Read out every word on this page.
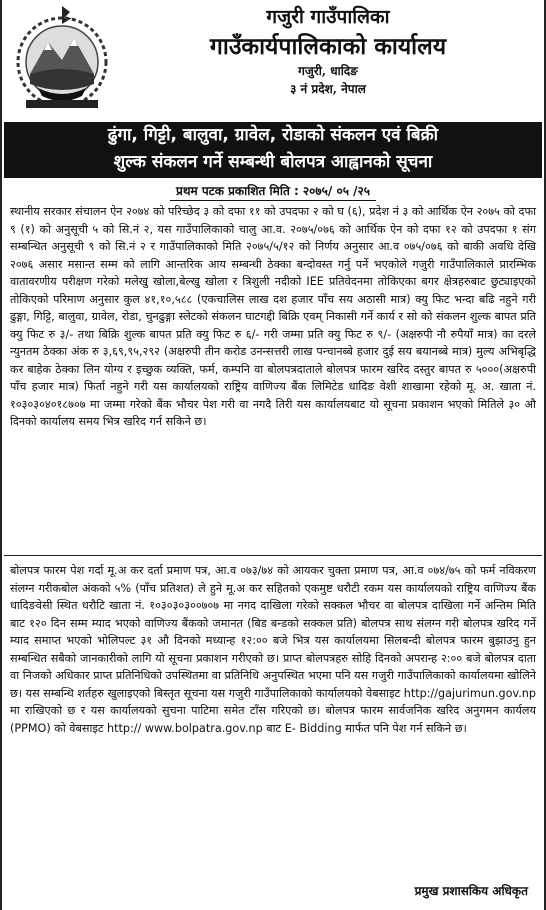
गजुरी गाउँपालिका
गाउँकार्यपालिकाको कार्यालय
गजुरी, धादिङ
३ नं प्रदेश, नेपाल
ढुंगा, गिट्टी, बालुवा, ग्रावेल, रोडाको संकलन एवं बिक्री
शुल्क संकलन गर्ने सम्बन्धी बोलपत्र आह्वानको सूचना
प्रथम पटक प्रकाशित मिति : २०७५/ ०५ /२५
स्थानीय सरकार संचालन ऐन २०७४ को परिच्छेद ३ को दफा ११ को उपदफा २ को घ (६), प्रदेश नं ३ को आर्थिक ऐन २०७५ को दफा ९ (१) को अनुसूची ५ को सि.नं २, यस गाउँपालिकाको चालु आ.व. २०७५/०७६ को आर्थिक ऐन को दफा १२ को उपदफा १ संग सम्बन्धित अनुसूची ९ को सि.नं २ र गाउँपालिकाको मिति २०७५/५/१२ को निर्णय अनुसार आ.व ०७५/०७६ को बाकी अवधि देखि २०७६ असार मसान्त सम्म को लागि आन्तरिक आय सम्बन्धी ठेक्का बन्दोवस्त गर्नु पर्ने भएकोले गजुरी गाउँपालिकाले प्रारम्भिक वातावरणीय परीक्षण गरेको मलेखु खोला,बेल्खु खोला र त्रिशुली नदीको IEE प्रतिवेदनमा तोकिएका बगर क्षेत्रहरुबाट छुट्याइएको तोकिएको परिमाण अनुसार कुल ४१,१०,५८८ (एकचालिस लाख दश हजार पाँच सय अठासी मात्र) क्यु फिट भन्दा बढि नहुने गरी ढुङ्गा, गिट्टि, बालुवा, ग्रावेल, रोडा, चुनढुङ्गा स्लेटको संकलन घाटगद्दी बिक्रि एवम् निकासी गर्ने कार्य र सो को संकलन शुल्क बापत प्रति क्यु फिट रु ३/- तथा बिक्रि शुल्क बापत प्रति क्यु फिट रु ६/- गरी जम्मा प्रति क्यु फिट रु ९/- (अक्षरुपी नौ रुपैयाँ मात्र) का दरले न्युनतम ठेक्का अंक रु ३,६९,९५,२९२ (अक्षरुपी तीन करोड उनन्सत्तरी लाख पन्चानब्बे हजार दुई सय बयानब्बे मात्र) मुल्य अभिबृद्धि कर बाहेक ठेक्का लिन योग्य र इच्छुक व्यक्ति, फर्म, कम्पनि वा बोलपत्रदाताले बोलपत्र फारम खरिद दस्तुर बापत रु ५०००(अक्षरुपी पाँच हजार मात्र) फिर्ता नहुने गरी यस कार्यालयको राष्ट्रिय वाणिज्य बैंक लिमिटेड धादिङ वेशी शाखामा रहेको मू. अ. खाता नं. १०३०३०४०१८७०७ मा जम्मा गरेको बैंक भौचर पेश गरी वा नगदै तिरी यस कार्यालयबाट यो सूचना प्रकाशन भएको मितिले ३० औ दिनको कार्यालय समय भित्र खरिद गर्न सकिने छ।
बोलपत्र फारम पेश गर्दा मू.अ कर दर्ता प्रमाण पत्र, आ.व ०७३/७४ को आयकर चुक्ता प्रमाण पत्र, आ.व ०७४/७५ को फर्म नविकरण संलग्न गरीकबोल अंकको ५% (पाँच प्रतिशत) ले हुने मू.अ कर सहितको एकमुष्ट धरौटी रकम यस कार्यालयको राष्ट्रिय वाणिज्य बैंक धादिङवेसी स्थित धरौटि खाता नं. १०३०३०३००७०७ मा नगद दाखिला गरेको सक्कल भौचर वा बोलपत्र दाखिला गर्ने अन्तिम मिति बाट १२० दिन सम्म म्याद भएको वाणिज्य बैंकको जमानत (बिड बन्डको सक्कल प्रति) बोलपत्र साथ संलग्न गरी बोलपत्र खरिद गर्ने म्याद समाप्त भएको भोलिपल्ट ३१ औ दिनको मध्यान्ह १२:०० बजे भित्र यस कार्यालयमा सिलबन्दी बोलपत्र फारम बुझाउनु हुन सम्बन्धित सबैको जानकारीको लागि यो सूचना प्रकाशन गरीएको छ। प्राप्त बोलपत्रहरु सोहि दिनको अपरान्ह २:०० बजे बोलपत्र दाता वा निजको अधिकार प्राप्त प्रतिनिधिको उपस्थितमा वा प्रतिनिधि अनुपस्थित भएमा पनि यस गजुरी गाउँपालिकाको कार्यालयमा खोलिने छ। यस सम्बन्धि शर्तहरु खुलाइएको बिस्तृत सूचना यस गजुरी गाउँपालिकाको कार्यालयको वेबसाइट http://gajurimun.gov.np मा राखिएको छ र यस कार्यालयको सुचना पाटिमा समेत टाँस गरिएको छ। बोलपत्र फारम सार्वजनिक खरिद अनुगमन कार्यलय (PPMO) को वेबसाइट http:// www.bolpatra.gov.np बाट E- Bidding मार्फत पनि पेश गर्न सकिने छ।
प्रमुख प्रशासकिय अधिकृत
